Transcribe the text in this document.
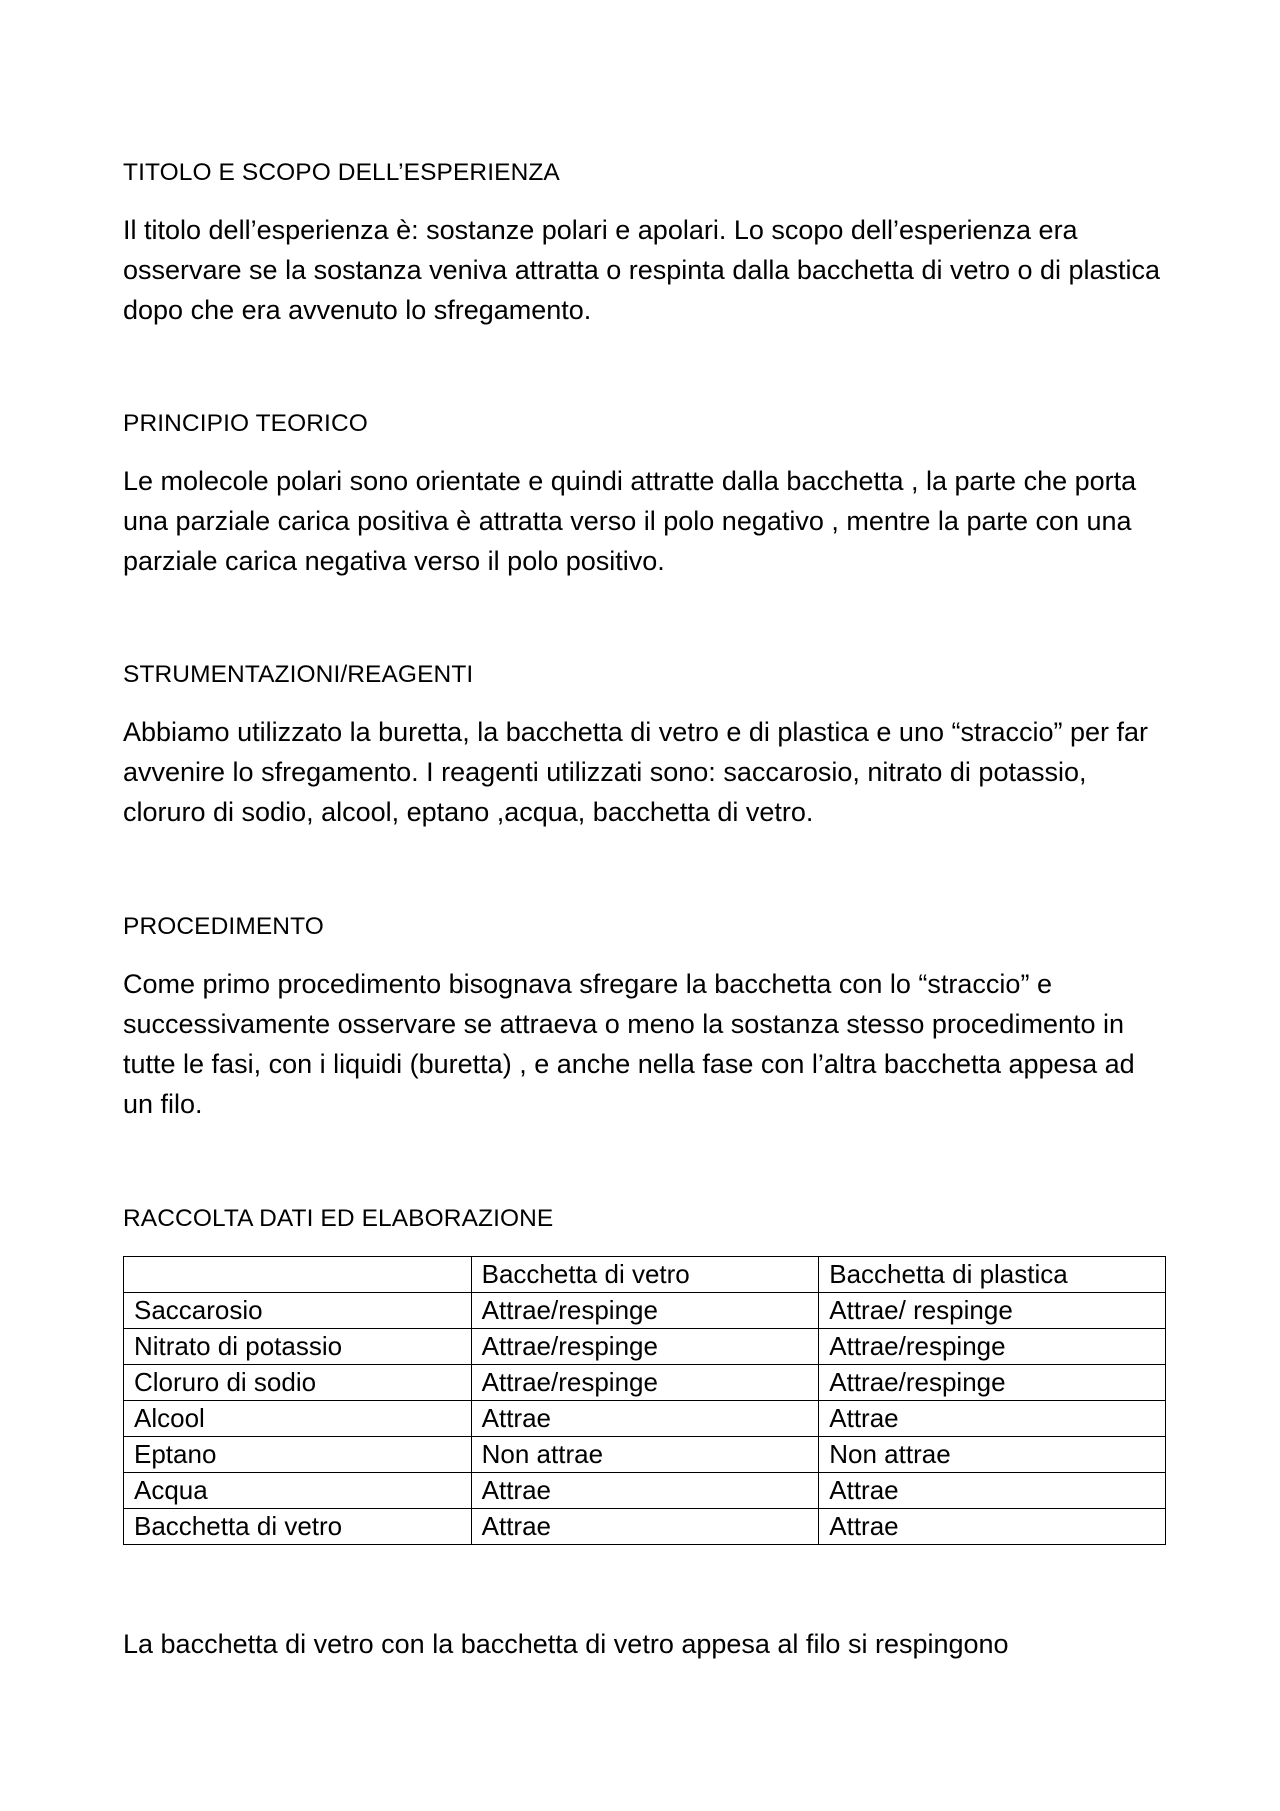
TITOLO E SCOPO DELL’ESPERIENZA

Il titolo dell’esperienza è: sostanze polari e apolari. Lo scopo dell’esperienza era osservare se la sostanza veniva attratta o respinta dalla bacchetta di vetro o di plastica dopo che era avvenuto lo sfregamento.

PRINCIPIO TEORICO

Le molecole polari sono orientate e quindi attratte dalla bacchetta , la parte che porta una parziale carica positiva è attratta verso il polo negativo , mentre la parte con una parziale carica negativa verso il polo positivo.

STRUMENTAZIONI/REAGENTI

Abbiamo utilizzato la buretta, la bacchetta di vetro e di plastica e uno “straccio” per far avvenire lo sfregamento. I reagenti utilizzati sono: saccarosio, nitrato di potassio, cloruro di sodio, alcool, eptano ,acqua, bacchetta di vetro.

PROCEDIMENTO

Come primo procedimento bisognava sfregare la bacchetta con lo “straccio” e successivamente osservare se attraeva o meno la sostanza stesso procedimento in tutte le fasi, con i liquidi (buretta) , e anche nella fase con l’altra bacchetta appesa ad un filo.

RACCOLTA DATI ED ELABORAZIONE
	Bacchetta di vetro	Bacchetta di plastica
Saccarosio	Attrae/respinge	Attrae/ respinge
Nitrato di potassio	Attrae/respinge	Attrae/respinge
Cloruro di sodio	Attrae/respinge	Attrae/respinge
Alcool	Attrae	Attrae
Eptano	Non attrae	Non attrae
Acqua	Attrae	Attrae
Bacchetta di vetro	Attrae	Attrae

La bacchetta di vetro con la bacchetta di vetro appesa al filo si respingono
